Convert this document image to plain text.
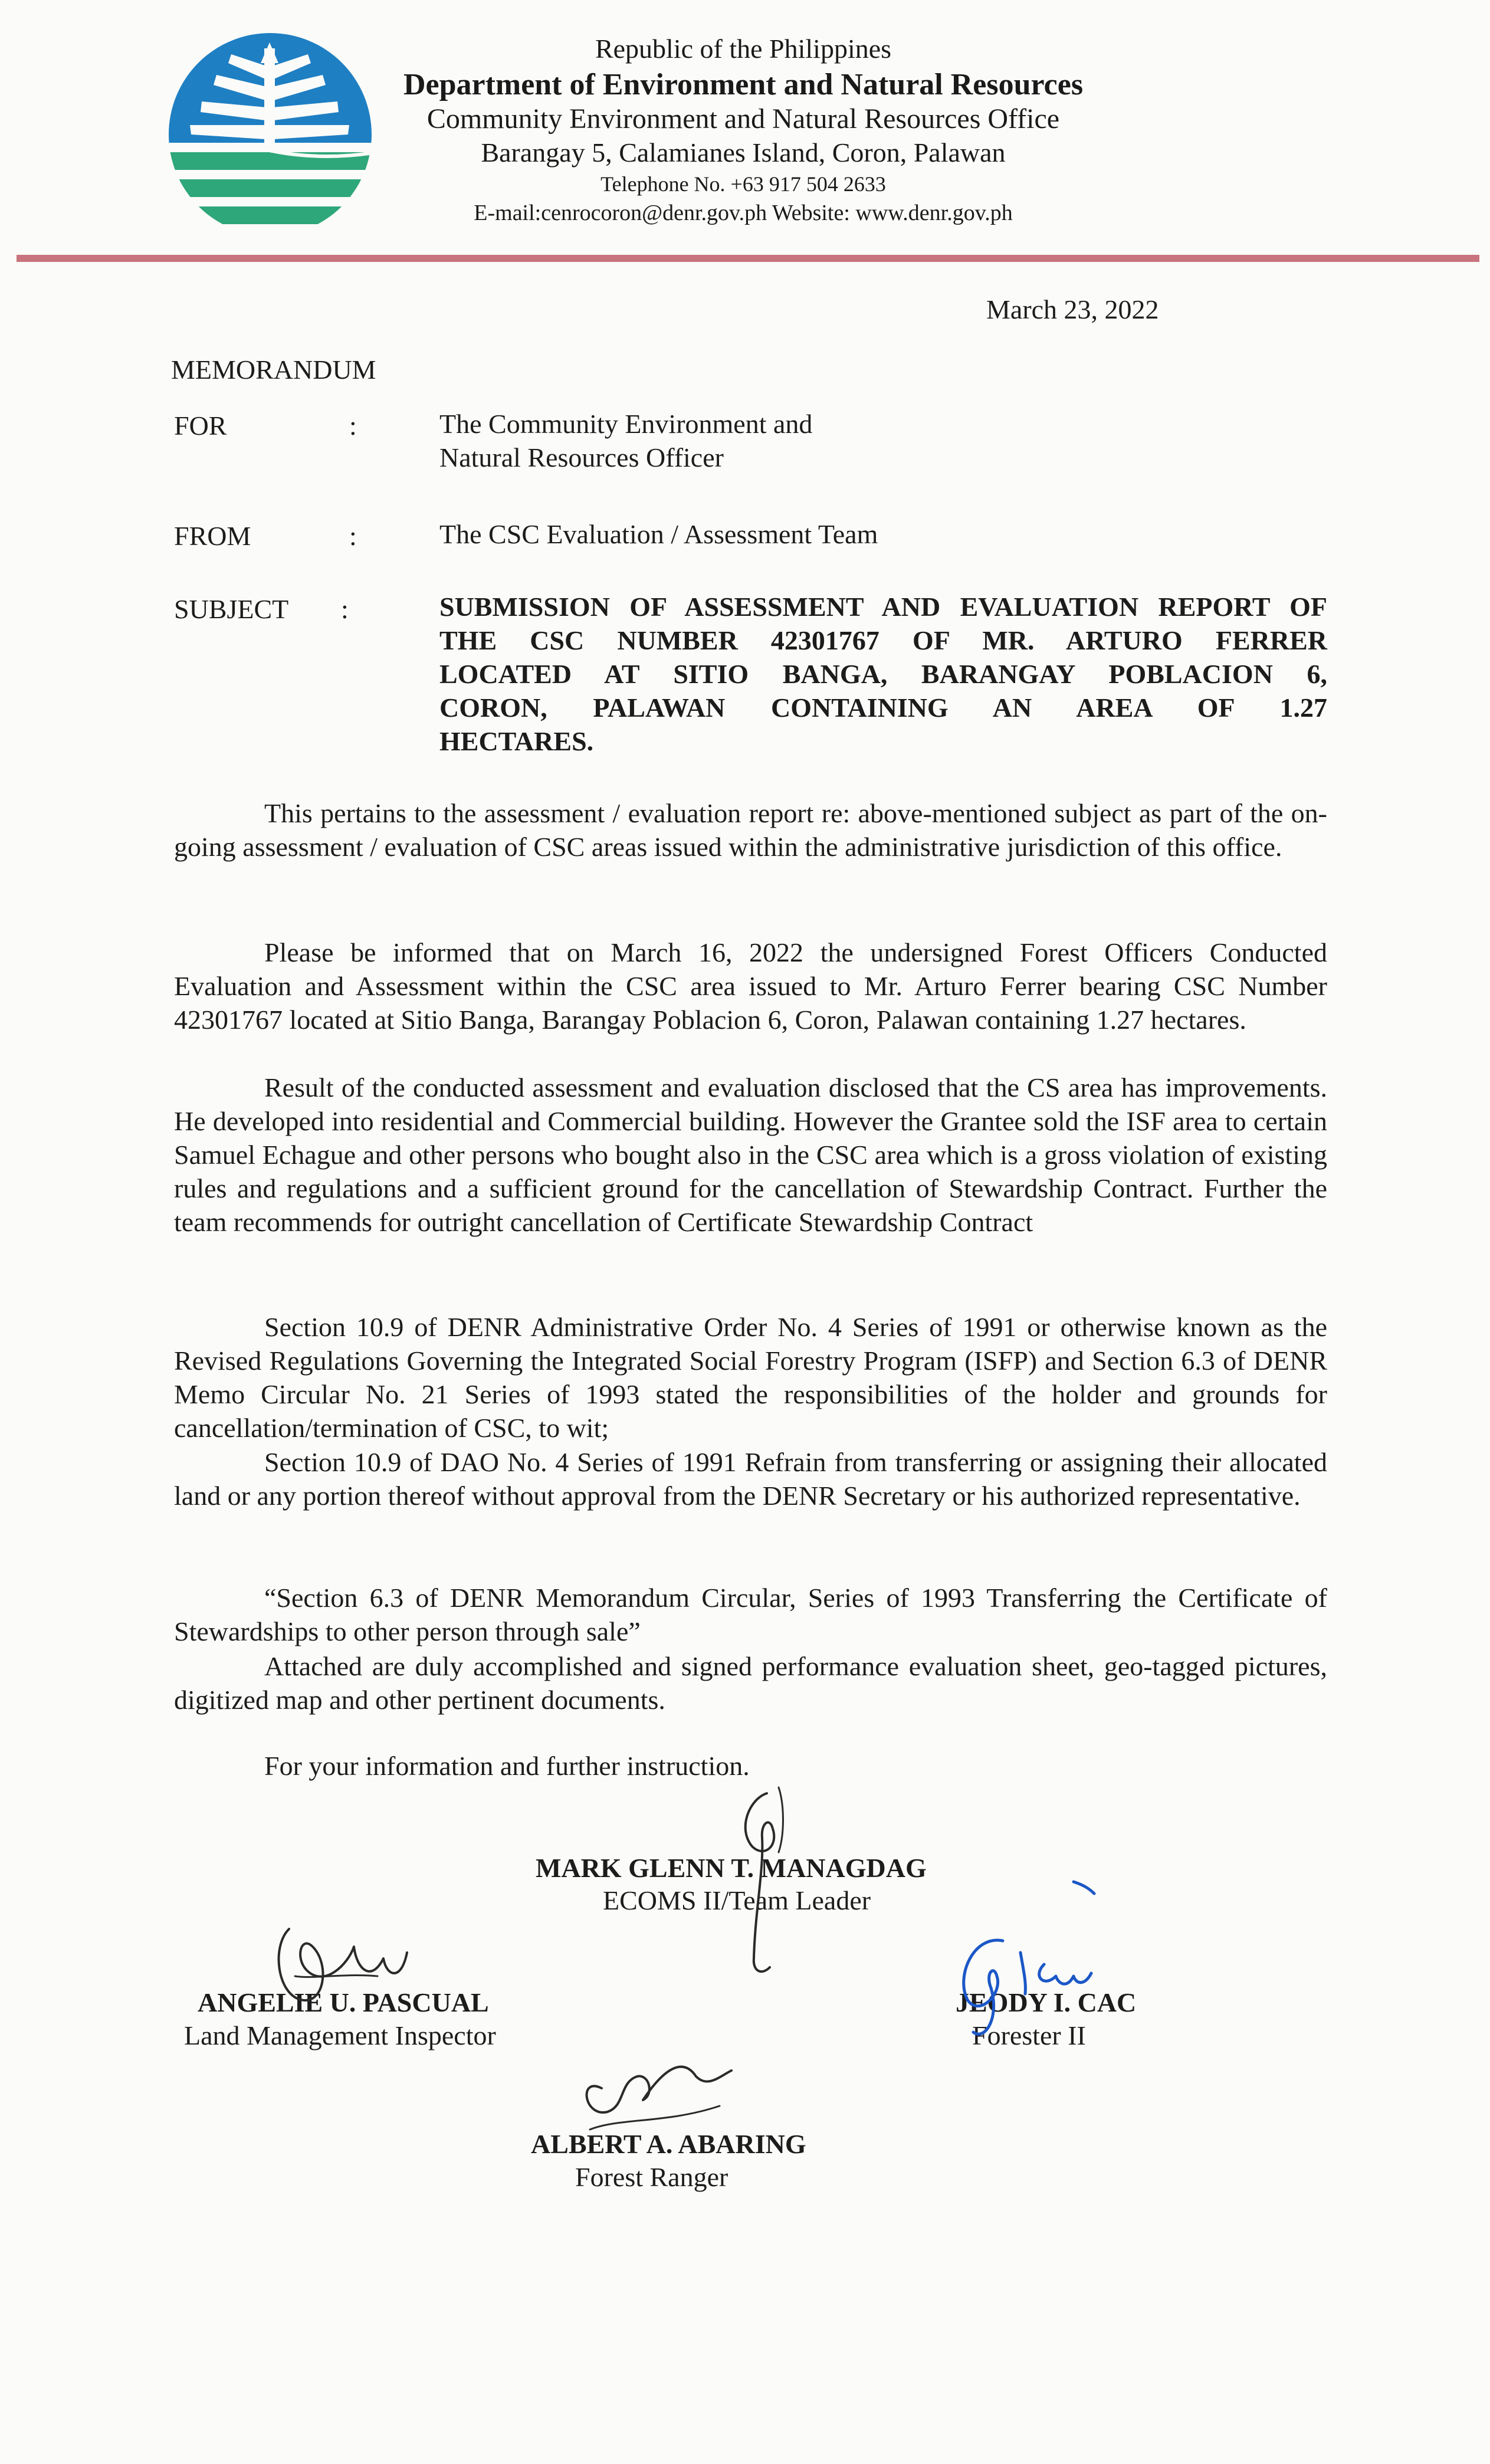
Republic of the Philippines
Department of Environment and Natural Resources
Community Environment and Natural Resources Office
Barangay 5, Calamianes Island, Coron, Palawan
Telephone No. +63 917 504 2633
E-mail:cenrocoron@denr.gov.ph Website: www.denr.gov.ph
March 23, 2022
MEMORANDUM
FOR	:	The Community Environment and
Natural Resources Officer
FROM	:	The CSC Evaluation / Assessment Team
SUBJECT :	SUBMISSION OF ASSESSMENT AND EVALUATION REPORT OF
THE CSC NUMBER 42301767 OF MR. ARTURO FERRER
LOCATED AT SITIO BANGA, BARANGAY POBLACION 6,
CORON, PALAWAN CONTAINING AN AREA OF 1.27
HECTARES.
This pertains to the assessment / evaluation report re: above-mentioned subject as part of the on-going assessment / evaluation of CSC areas issued within the administrative jurisdiction of this office.
Please be informed that on March 16, 2022 the undersigned Forest Officers Conducted Evaluation and Assessment within the CSC area issued to Mr. Arturo Ferrer bearing CSC Number 42301767 located at Sitio Banga, Barangay Poblacion 6, Coron, Palawan containing 1.27 hectares.
Result of the conducted assessment and evaluation disclosed that the CS area has improvements. He developed into residential and Commercial building. However the Grantee sold the ISF area to certain Samuel Echague and other persons who bought also in the CSC area which is a gross violation of existing rules and regulations and a sufficient ground for the cancellation of Stewardship Contract. Further the team recommends for outright cancellation of Certificate Stewardship Contract
Section 10.9 of DENR Administrative Order No. 4 Series of 1991 or otherwise known as the Revised Regulations Governing the Integrated Social Forestry Program (ISFP) and Section 6.3 of DENR Memo Circular No. 21 Series of 1993 stated the responsibilities of the holder and grounds for cancellation/termination of CSC, to wit;
Section 10.9 of DAO No. 4 Series of 1991 Refrain from transferring or assigning their allocated land or any portion thereof without approval from the DENR Secretary or his authorized representative.
“Section 6.3 of DENR Memorandum Circular, Series of 1993 Transferring the Certificate of Stewardships to other person through sale”
Attached are duly accomplished and signed performance evaluation sheet, geo-tagged pictures, digitized map and other pertinent documents.
For your information and further instruction.
MARK GLENN T. MANAGDAG
ECOMS II/Team Leader
ANGELIE U. PASCUAL
Land Management Inspector
JEODY I. CAC
Forester II
ALBERT A. ABARING
Forest Ranger
